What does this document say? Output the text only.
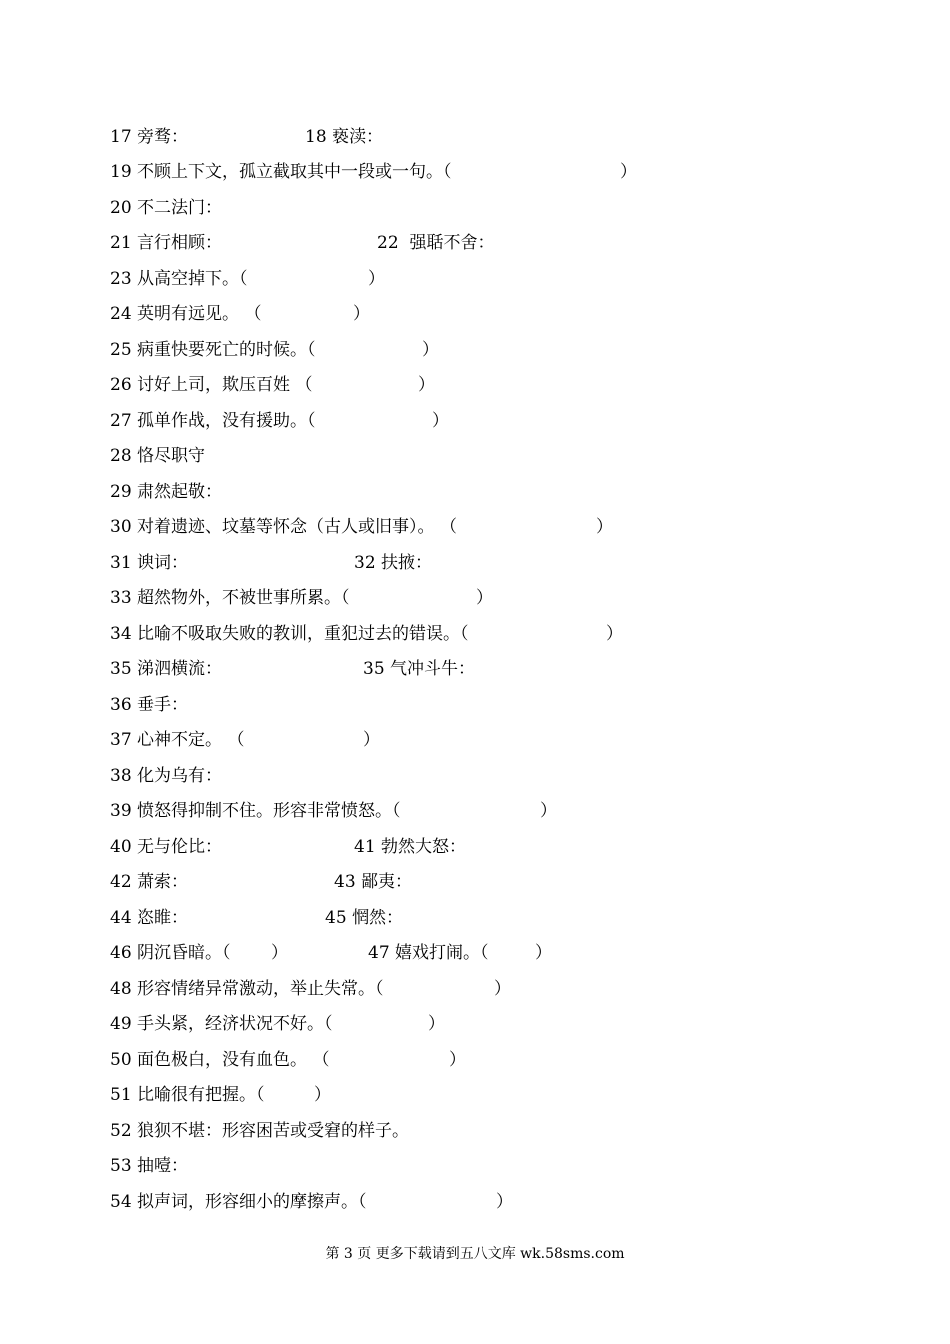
17 旁骛：

	18 亵渎：

19 不顾上下文，孤立截取其中一段或一句。（

	）

20 不二法门：

21 言行相顾：

	22  强聒不舍：

23 从高空掉下。（

	）

24 英明有远见。 （

	）

25 病重快要死亡的时候。（

	）

26 讨好上司，欺压百姓 （

	）

27 孤单作战，没有援助。（

	）

28 恪尽职守

29 肃然起敬：

30 对着遗迹、坟墓等怀念（古人或旧事）。 （

	）

31 谀词：

	32 扶掖：

33 超然物外，不被世事所累。（

	）

34 比喻不吸取失败的教训，重犯过去的错误。（

	）

35 涕泗横流：

	35 气冲斗牛：

36 垂手：

37 心神不定。 （

	）

38 化为乌有：

39 愤怒得抑制不住。形容非常愤怒。（

	）

40 无与伦比：

	41 勃然大怒：

42 萧索：

	43 鄙夷：

44 恣睢：

	45 惘然：

46 阴沉昏暗。（

）

	47 嬉戏打闹。（

	）

48 形容情绪异常激动，举止失常。（

	）

49 手头紧，经济状况不好。（

	）

50 面色极白，没有血色。 （

	）

51 比喻很有把握。（

	）

52 狼狈不堪：形容困苦或受窘的样子。

53 抽噎：

54 拟声词，形容细小的摩擦声。（

	）

第 3 页 更多下载请到五八文库 wk.58sms.com
